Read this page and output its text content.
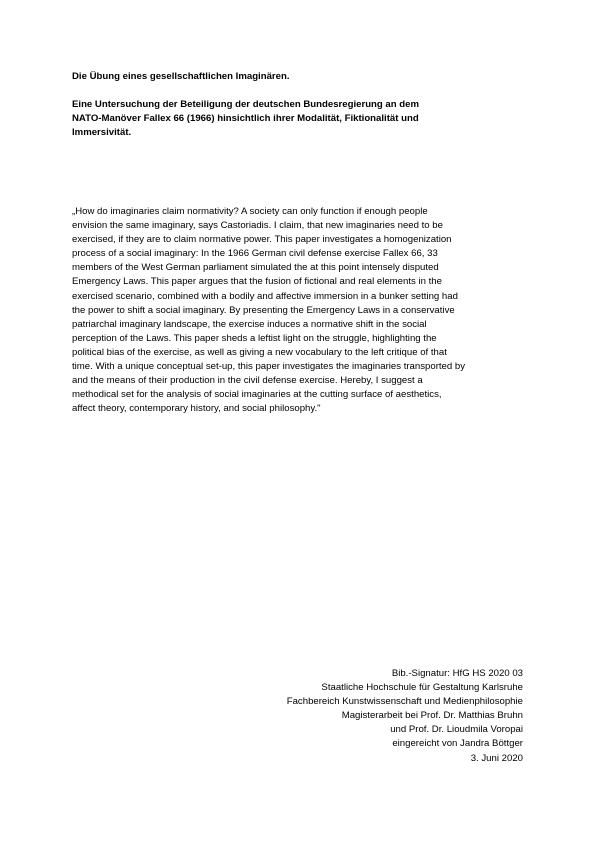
Die Übung eines gesellschaftlichen Imaginären.

Eine Untersuchung der Beteiligung der deutschen Bundesregierung an dem
NATO-Manöver Fallex 66 (1966) hinsichtlich ihrer Modalität, Fiktionalität und
Immersivität.

„How do imaginaries claim normativity? A society can only function if enough people
envision the same imaginary, says Castoriadis. I claim, that new imaginaries need to be
exercised, if they are to claim normative power. This paper investigates a homogenization
process of a social imaginary: In the 1966 German civil defense exercise Fallex 66, 33
members of the West German parliament simulated the at this point intensely disputed
Emergency Laws. This paper argues that the fusion of fictional and real elements in the
exercised scenario, combined with a bodily and affective immersion in a bunker setting had
the power to shift a social imaginary. By presenting the Emergency Laws in a conservative
patriarchal imaginary landscape, the exercise induces a normative shift in the social
perception of the Laws. This paper sheds a leftist light on the struggle, highlighting the
political bias of the exercise, as well as giving a new vocabulary to the left critique of that
time. With a unique conceptual set-up, this paper investigates the imaginaries transported by
and the means of their production in the civil defense exercise. Hereby, I suggest a
methodical set for the analysis of social imaginaries at the cutting surface of aesthetics,
affect theory, contemporary history, and social philosophy."

Bib.-Signatur: HfG HS 2020 03
Staatliche Hochschule für Gestaltung Karlsruhe
Fachbereich Kunstwissenschaft und Medienphilosophie
Magisterarbeit bei Prof. Dr. Matthias Bruhn
und Prof. Dr. Lioudmila Voropai
eingereicht von Jandra Böttger
3. Juni 2020
